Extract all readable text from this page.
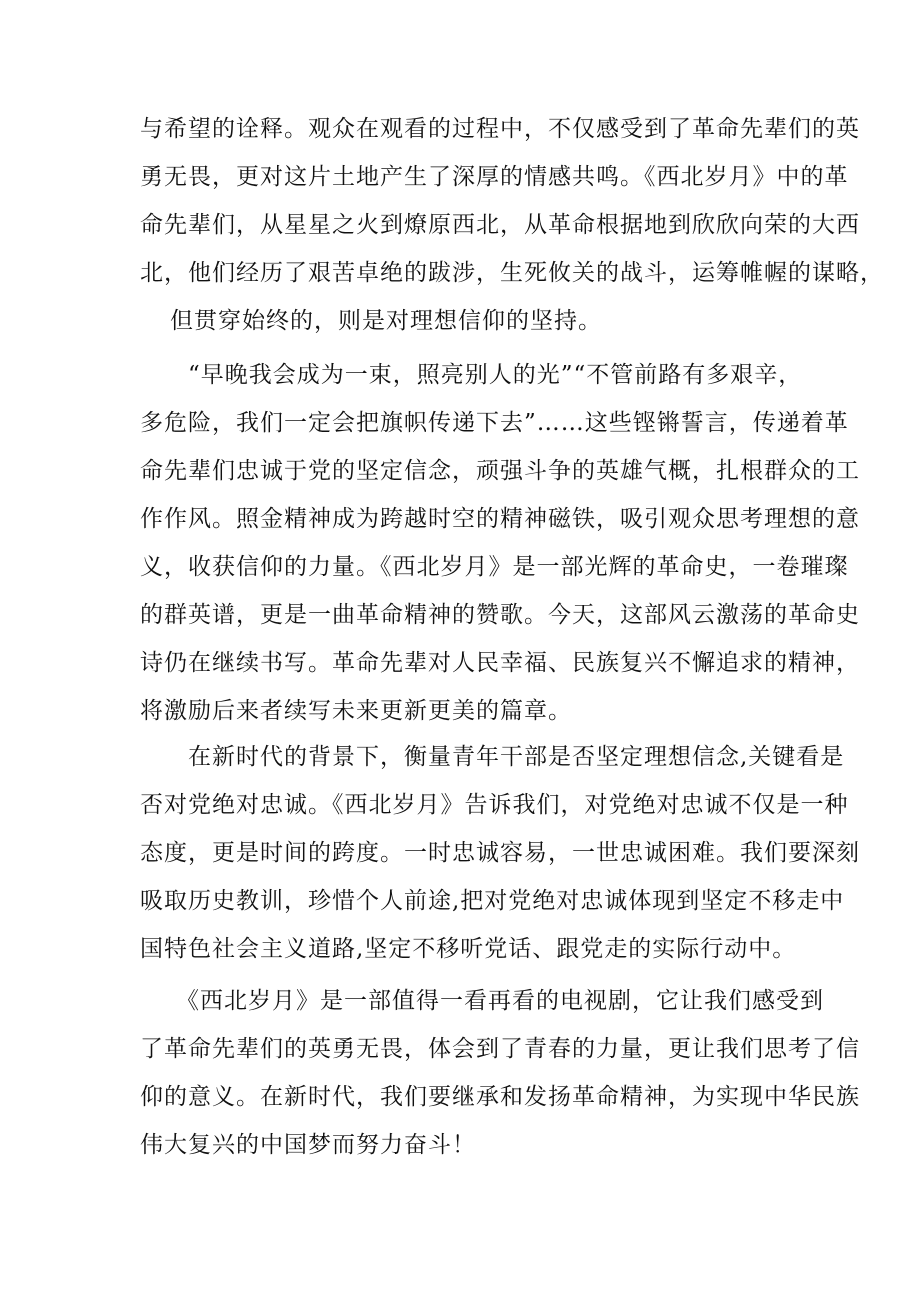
与希望的诠释。观众在观看的过程中，不仅感受到了革命先辈们的英
勇无畏，更对这片土地产生了深厚的情感共鸣。《西北岁月》中的革
命先辈们，从星星之火到燎原西北，从革命根据地到欣欣向荣的大西
北，他们经历了艰苦卓绝的跋涉，生死攸关的战斗，运筹帷幄的谋略，
但贯穿始终的，则是对理想信仰的坚持。
“早晚我会成为一束，照亮别人的光”“不管前路有多艰辛，
多危险，我们一定会把旗帜传递下去”……这些铿锵誓言，传递着革
命先辈们忠诚于党的坚定信念，顽强斗争的英雄气概，扎根群众的工
作作风。照金精神成为跨越时空的精神磁铁，吸引观众思考理想的意
义，收获信仰的力量。《西北岁月》是一部光辉的革命史，一卷璀璨
的群英谱，更是一曲革命精神的赞歌。今天，这部风云激荡的革命史
诗仍在继续书写。革命先辈对人民幸福、民族复兴不懈追求的精神，
将激励后来者续写未来更新更美的篇章。
在新时代的背景下，衡量青年干部是否坚定理想信念,关键看是
否对党绝对忠诚。《西北岁月》告诉我们，对党绝对忠诚不仅是一种
态度，更是时间的跨度。一时忠诚容易，一世忠诚困难。我们要深刻
吸取历史教训，珍惜个人前途,把对党绝对忠诚体现到坚定不移走中
国特色社会主义道路,坚定不移听党话、跟党走的实际行动中。
《西北岁月》是一部值得一看再看的电视剧，它让我们感受到
了革命先辈们的英勇无畏，体会到了青春的力量，更让我们思考了信
仰的意义。在新时代，我们要继承和发扬革命精神，为实现中华民族
伟大复兴的中国梦而努力奋斗！
